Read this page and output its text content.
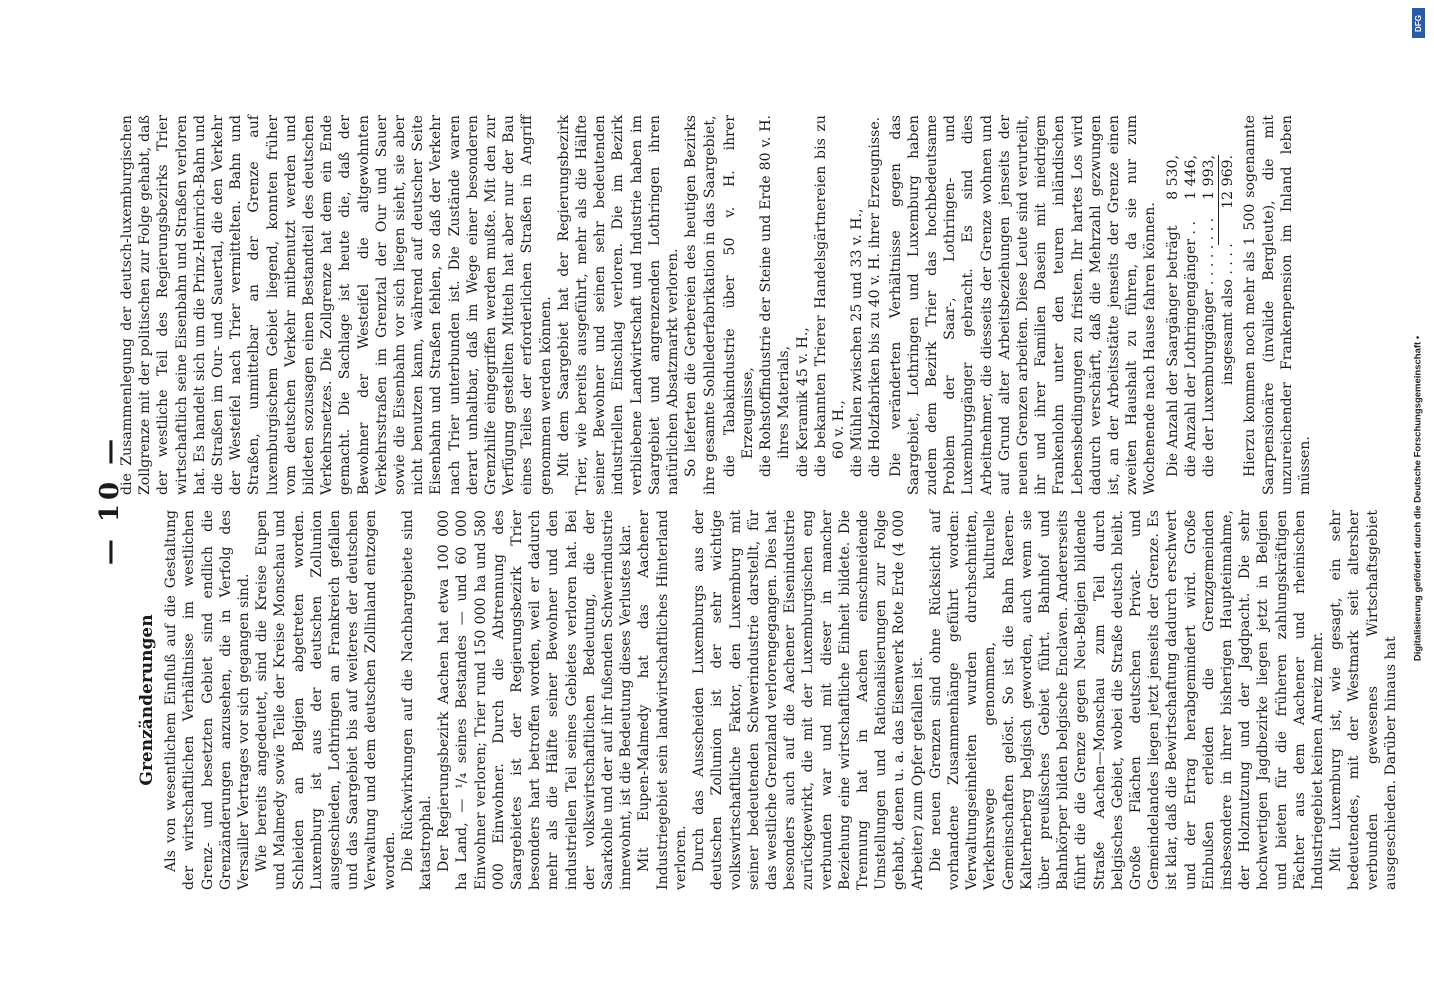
— 10 —
Grenzänderungen Als von wesentlichem Einfluß auf die Gestaltung der wirtschaftlichen Verhältnisse im westlichen Grenz- und besetzten Gebiet sind endlich die Grenzänderungen anzusehen, die in Verfolg des Versailler Vertrages vor sich gegangen sind. Wie bereits angedeutet, sind die Kreise Eupen und Malmedy sowie Teile der Kreise Monschau und Schleiden an Belgien abgetreten worden. Luxemburg ist aus der deutschen Zollunion ausgeschieden, Lothringen an Frankreich gefallen und das Saargebiet bis auf weiteres der deutschen Verwaltung und dem deutschen Zollinland entzogen worden. Die Rückwirkungen auf die Nachbargebiete sind katastrophal. Der Regierungsbezirk Aachen hat etwa 100 000 ha Land, — ¹/₄ seines Bestandes — und 60 000 Einwohner verloren; Trier rund 150 000 ha und 580 000 Einwohner. Durch die Abtrennung des Saargebietes ist der Regierungsbezirk Trier besonders hart betroffen worden, weil er dadurch mehr als die Hälfte seiner Bewohner und den industriellen Teil seines Gebietes verloren hat. Bei der volkswirtschaftlichen Bedeutung, die der Saarkohle und der auf ihr fußenden Schwerindustrie innewohnt, ist die Bedeutung dieses Verlustes klar. Mit Eupen-Malmedy hat das Aachener Industriegebiet sein landwirtschaftliches Hinterland verloren. Durch das Ausscheiden Luxemburgs aus der deutschen Zollunion ist der sehr wichtige volkswirtschaftliche Faktor, den Luxemburg mit seiner bedeutenden Schwerindustrie darstellt, für das westliche Grenzland verlorengegangen. Dies hat besonders auch auf die Aachener Eisenindustrie zurückgewirkt, die mit der Luxemburgischen eng verbunden war und mit dieser in mancher Beziehung eine wirtschaftliche Einheit bildete. Die Trennung hat in Aachen einschneidende Umstellungen und Rationalisierungen zur Folge gehabt, denen u. a. das Eisenwerk Rote Erde (4 000 Arbeiter) zum Opfer gefallen ist. Die neuen Grenzen sind ohne Rücksicht auf vorhandene Zusammenhänge geführt worden: Verwaltungseinheiten wurden durchschnitten, Verkehrswege genommen, kulturelle Gemeinschaften gelöst. So ist die Bahn Raeren-Kalterherberg belgisch geworden, auch wenn sie über preußisches Gebiet führt. Bahnhof und Bahnkörper bilden belgische Enclaven. Andererseits führt die die Grenze gegen Neu-Belgien bildende Straße Aachen—Monschau zum Teil durch belgisches Gebiet, wobei die Straße deutsch bleibt. Große Flächen deutschen Privat- und Gemeindelandes liegen jetzt jenseits der Grenze. Es ist klar, daß die Bewirtschaftung dadurch erschwert und der Ertrag herabgemindert wird. Große Einbußen erleiden die Grenzgemeinden insbesondere in ihrer bisherigen Haupteinnahme, der Holznutzung und der Jagdpacht. Die sehr hochwertigen Jagdbezirke liegen jetzt in Belgien und bieten für die früheren zahlungskräftigen Pächter aus dem Aachener und rheinischen Industriegebiet keinen Anreiz mehr. Mit Luxemburg ist, wie gesagt, ein sehr bedeutendes, mit der Westmark seit altersher verbunden gewesenes Wirtschaftsgebiet ausgeschieden. Darüber hinaus hat

die Zusammenlegung der deutsch-luxemburgischen Zollgrenze mit der politischen zur Folge gehabt, daß der westliche Teil des Regierungsbezirks Trier wirtschaftlich seine Eisenbahn und Straßen verloren hat. Es handelt sich um die Prinz-Heinrich-Bahn und die Straßen im Our- und Sauertal, die den Verkehr der Westeifel nach Trier vermittelten. Bahn und Straßen, unmittelbar an der Grenze auf luxemburgischem Gebiet liegend, konnten früher vom deutschen Verkehr mitbenutzt werden und bildeten sozusagen einen Bestandteil des deutschen Verkehrsnetzes. Die Zollgrenze hat dem ein Ende gemacht. Die Sachlage ist heute die, daß der Bewohner der Westeifel die altgewohnten Verkehrsstraßen im Grenztal der Our und Sauer sowie die Eisenbahn vor sich liegen sieht, sie aber nicht benutzen kann, während auf deutscher Seite Eisenbahn und Straßen fehlen, so daß der Verkehr nach Trier unterbunden ist. Die Zustände waren derart unhaltbar, daß im Wege einer besonderen Grenzhilfe eingegriffen werden mußte. Mit den zur Verfügung gestellten Mitteln hat aber nur der Bau eines Teiles der erforderlichen Straßen in Angriff genommen werden können. Mit dem Saargebiet hat der Regierungsbezirk Trier, wie bereits ausgeführt, mehr als die Hälfte seiner Bewohner und seinen sehr bedeutenden industriellen Einschlag verloren. Die im Bezirk verbliebene Landwirtschaft und Industrie haben im Saargebiet und angrenzenden Lothringen ihren natürlichen Absatzmarkt verloren. So lieferten die Gerbereien des heutigen Bezirks ihre gesamte Sohllederfabrikation in das Saargebiet, die Tabakindustrie über 50 v. H. ihrer Erzeugnisse, die Rohstoffindustrie der Steine und Erde 80 v. H. ihres Materials, die Keramik 45 v. H., die bekannten Trierer Handelsgärtnereien bis zu 60 v. H., die Mühlen zwischen 25 und 33 v. H., die Holzfabriken bis zu 40 v. H. ihrer Erzeugnisse. Die veränderten Verhältnisse gegen das Saargebiet, Lothringen und Luxemburg haben zudem dem Bezirk Trier das hochbedeutsame Problem der Saar-, Lothringen- und Luxemburggänger gebracht. Es sind dies Arbeitnehmer, die diesseits der Grenze wohnen und auf Grund alter Arbeitsbeziehungen jenseits der neuen Grenzen arbeiten. Diese Leute sind verurteilt, ihr und ihrer Familien Dasein mit niedrigem Frankenlohn unter den teuren inländischen Lebensbedingungen zu fristen. Ihr hartes Los wird dadurch verschärft, daß die Mehrzahl gezwungen ist, an der Arbeitsstätte jenseits der Grenze einen zweiten Haushalt zu führen, da sie nur zum Wochenende nach Hause fahren können. Die Anzahl der Saargänger beträgt
8 530,
die Anzahl der Lothringengänger . .
1 446,
die der Luxemburggänger . . . . . . . .
1 993,
insgesamt also . . . .
12 969. Hierzu kommen noch mehr als 1 500 sogenannte Saarpensionäre (invalide Bergleute), die mit unzureichender Frankenpension im Inland leben müssen.

DFG
Digitalisierung gefördert durch die Deutsche Forschungsgemeinschaft •
